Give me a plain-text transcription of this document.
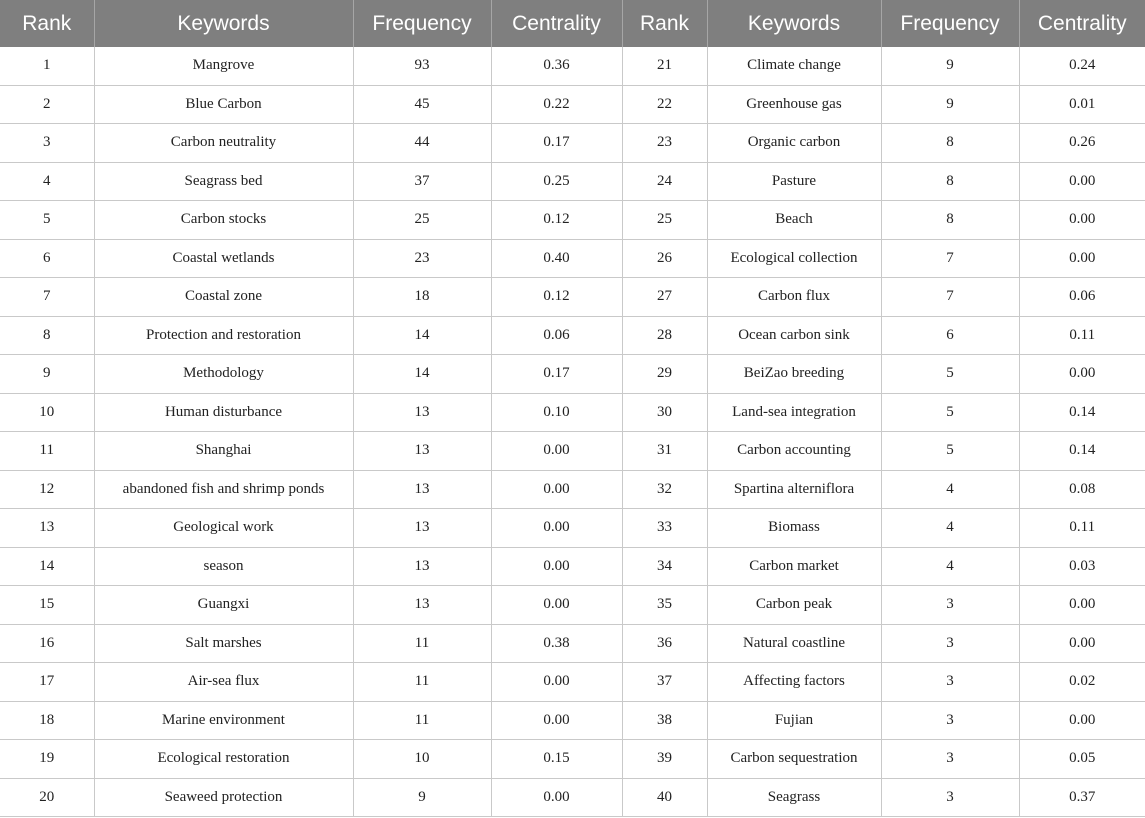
Rank	Keywords	Frequency	Centrality	Rank	Keywords	Frequency	Centrality
1	Mangrove	93	0.36	21	Climate change	9	0.24
2	Blue Carbon	45	0.22	22	Greenhouse gas	9	0.01
3	Carbon neutrality	44	0.17	23	Organic carbon	8	0.26
4	Seagrass bed	37	0.25	24	Pasture	8	0.00
5	Carbon stocks	25	0.12	25	Beach	8	0.00
6	Coastal wetlands	23	0.40	26	Ecological collection	7	0.00
7	Coastal zone	18	0.12	27	Carbon flux	7	0.06
8	Protection and restoration	14	0.06	28	Ocean carbon sink	6	0.11
9	Methodology	14	0.17	29	BeiZao breeding	5	0.00
10	Human disturbance	13	0.10	30	Land-sea integration	5	0.14
11	Shanghai	13	0.00	31	Carbon accounting	5	0.14
12	abandoned fish and shrimp ponds	13	0.00	32	Spartina alterniflora	4	0.08
13	Geological work	13	0.00	33	Biomass	4	0.11
14	season	13	0.00	34	Carbon market	4	0.03
15	Guangxi	13	0.00	35	Carbon peak	3	0.00
16	Salt marshes	11	0.38	36	Natural coastline	3	0.00
17	Air-sea flux	11	0.00	37	Affecting factors	3	0.02
18	Marine environment	11	0.00	38	Fujian	3	0.00
19	Ecological restoration	10	0.15	39	Carbon sequestration	3	0.05
20	Seaweed protection	9	0.00	40	Seagrass	3	0.37
